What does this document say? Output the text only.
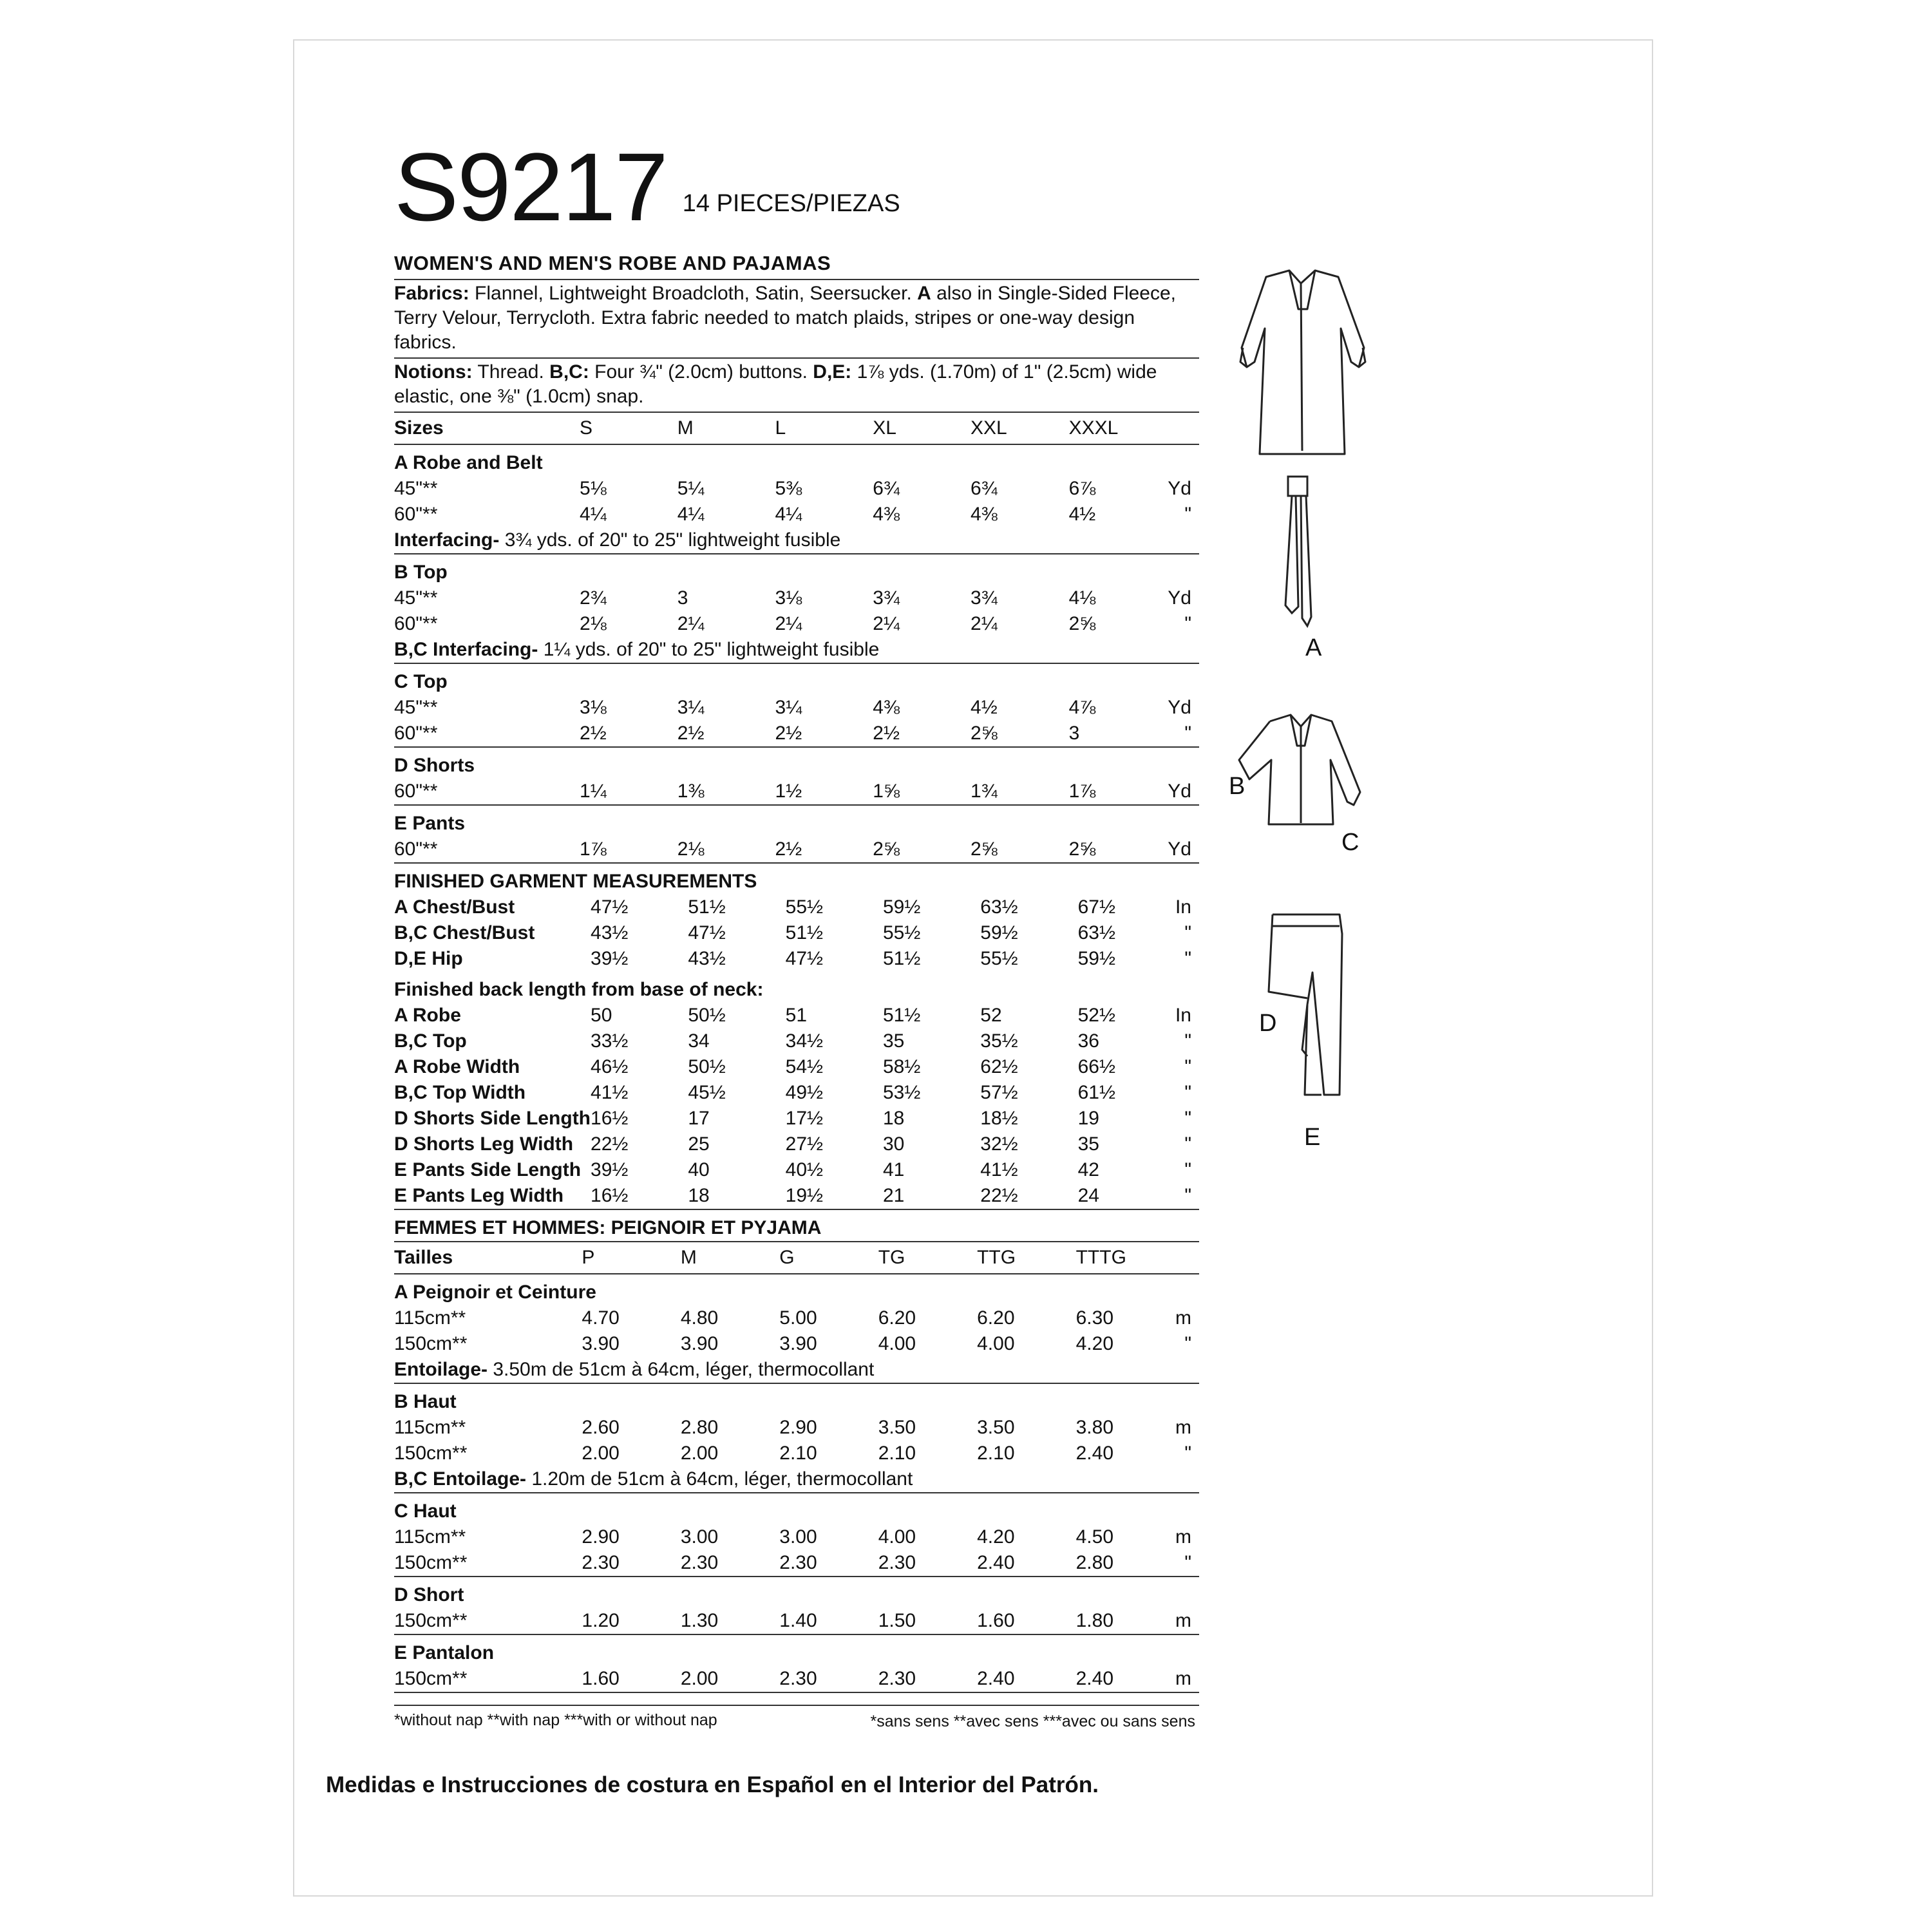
S9217 14 PIECES/PIEZAS
WOMEN'S AND MEN'S ROBE AND PAJAMAS
Fabrics: Flannel, Lightweight Broadcloth, Satin, Seersucker. A also in Single-Sided Fleece, Terry Velour, Terrycloth. Extra fabric needed to match plaids, stripes or one-way design fabrics.
Notions: Thread. B,C: Four ¾" (2.0cm) buttons. D,E: 1⅞ yds. (1.70m) of 1" (2.5cm) wide elastic, one ⅜" (1.0cm) snap.
Sizes	S	M	L	XL	XXL	XXXL	
A Robe and Belt							
45"**	5⅛	5¼	5⅜	6¾	6¾	6⅞	Yd
60"**	4¼	4¼	4¼	4⅜	4⅜	4½	"
Interfacing- 3¾ yds. of 20" to 25" lightweight fusible							
B Top							
45"**	2¾	3	3⅛	3¾	3¾	4⅛	Yd
60"**	2⅛	2¼	2¼	2¼	2¼	2⅝	"
B,C Interfacing- 1¼ yds. of 20" to 25" lightweight fusible							
C Top							
45"**	3⅛	3¼	3¼	4⅜	4½	4⅞	Yd
60"**	2½	2½	2½	2½	2⅝	3	"
D Shorts							
60"**	1¼	1⅜	1½	1⅝	1¾	1⅞	Yd
E Pants							
60"**	1⅞	2⅛	2½	2⅝	2⅝	2⅝	Yd
FINISHED GARMENT MEASUREMENTS							
A Chest/Bust	47½	51½	55½	59½	63½	67½	In
B,C Chest/Bust	43½	47½	51½	55½	59½	63½	"
D,E Hip	39½	43½	47½	51½	55½	59½	"
Finished back length from base of neck:							
A Robe	50	50½	51	51½	52	52½	In
B,C Top	33½	34	34½	35	35½	36	"
A Robe Width	46½	50½	54½	58½	62½	66½	"
B,C Top Width	41½	45½	49½	53½	57½	61½	"
D Shorts Side Length	16½	17	17½	18	18½	19	"
D Shorts Leg Width	22½	25	27½	30	32½	35	"
E Pants Side Length	39½	40	40½	41	41½	42	"
E Pants Leg Width	16½	18	19½	21	22½	24	"
FEMMES ET HOMMES: PEIGNOIR ET PYJAMA							
Tailles	P	M	G	TG	TTG	TTTG	
A Peignoir et Ceinture							
115cm**	4.70	4.80	5.00	6.20	6.20	6.30	m
150cm**	3.90	3.90	3.90	4.00	4.00	4.20	"
Entoilage- 3.50m de 51cm à 64cm, léger, thermocollant							
B Haut							
115cm**	2.60	2.80	2.90	3.50	3.50	3.80	m
150cm**	2.00	2.00	2.10	2.10	2.10	2.40	"
B,C Entoilage- 1.20m de 51cm à 64cm, léger, thermocollant							
C Haut							
115cm**	2.90	3.00	3.00	4.00	4.20	4.50	m
150cm**	2.30	2.30	2.30	2.30	2.40	2.80	"
D Short							
150cm**	1.20	1.30	1.40	1.50	1.60	1.80	m
E Pantalon							
150cm**	1.60	2.00	2.30	2.30	2.40	2.40	m
*without nap **with nap ***with or without nap	*sans sens **avec sens ***avec ou sans sens
Medidas e Instrucciones de costura en Español en el Interior del Patrón.
A
B
C
D
E
